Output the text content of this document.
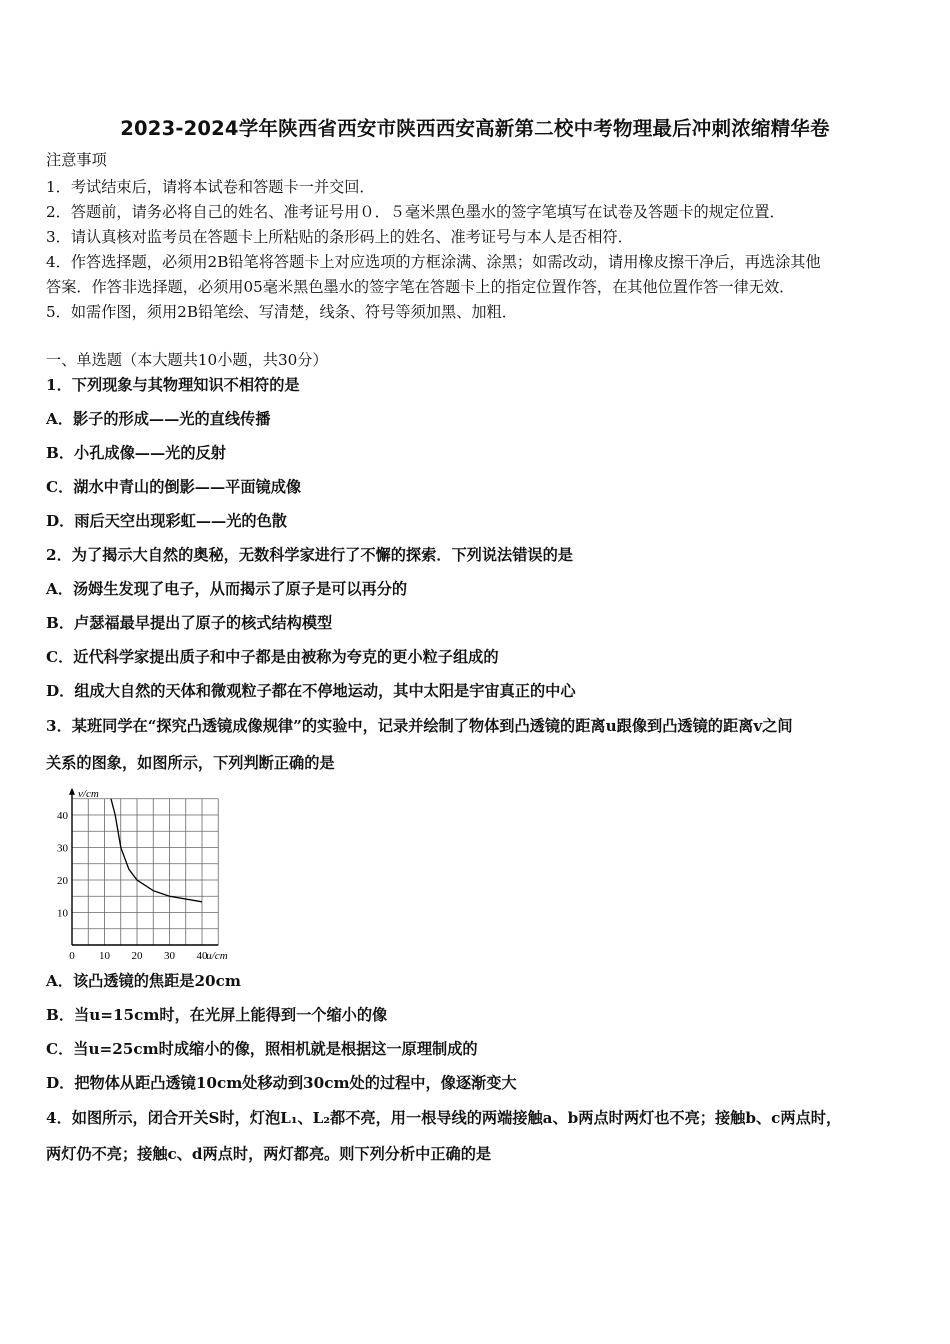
2023-2024学年陕西省西安市陕西西安高新第二校中考物理最后冲刺浓缩精华卷
注意事项
1．考试结束后，请将本试卷和答题卡一并交回．
2．答题前，请务必将自己的姓名、准考证号用０．５毫米黑色墨水的签字笔填写在试卷及答题卡的规定位置．
3．请认真核对监考员在答题卡上所粘贴的条形码上的姓名、准考证号与本人是否相符．
4．作答选择题，必须用2B铅笔将答题卡上对应选项的方框涂满、涂黑；如需改动，请用橡皮擦干净后，再选涂其他
答案．作答非选择题，必须用05毫米黑色墨水的签字笔在答题卡上的指定位置作答，在其他位置作答一律无效．
5．如需作图，须用2B铅笔绘、写清楚，线条、符号等须加黑、加粗．
一、单选题（本大题共10小题，共30分）
1．下列现象与其物理知识不相符的是
A．影子的形成——光的直线传播
B．小孔成像——光的反射
C．湖水中青山的倒影——平面镜成像
D．雨后天空出现彩虹——光的色散
2．为了揭示大自然的奥秘，无数科学家进行了不懈的探索．下列说法错误的是
A．汤姆生发现了电子，从而揭示了原子是可以再分的
B．卢瑟福最早提出了原子的核式结构模型
C．近代科学家提出质子和中子都是由被称为夸克的更小粒子组成的
D．组成大自然的天体和微观粒子都在不停地运动，其中太阳是宇宙真正的中心
3．某班同学在“探究凸透镜成像规律”的实验中，记录并绘制了物体到凸透镜的距离u跟像到凸透镜的距离v之间
关系的图象，如图所示，下列判断正确的是
0 10 20 30 40
10
20
30
40
v/cm
u/cm
A．该凸透镜的焦距是20cm
B．当u=15cm时，在光屏上能得到一个缩小的像
C．当u=25cm时成缩小的像，照相机就是根据这一原理制成的
D．把物体从距凸透镜10cm处移动到30cm处的过程中，像逐渐变大
4．如图所示，闭合开关S时，灯泡L₁、L₂都不亮，用一根导线的两端接触a、b两点时两灯也不亮；接触b、c两点时，
两灯仍不亮；接触c、d两点时，两灯都亮。则下列分析中正确的是
